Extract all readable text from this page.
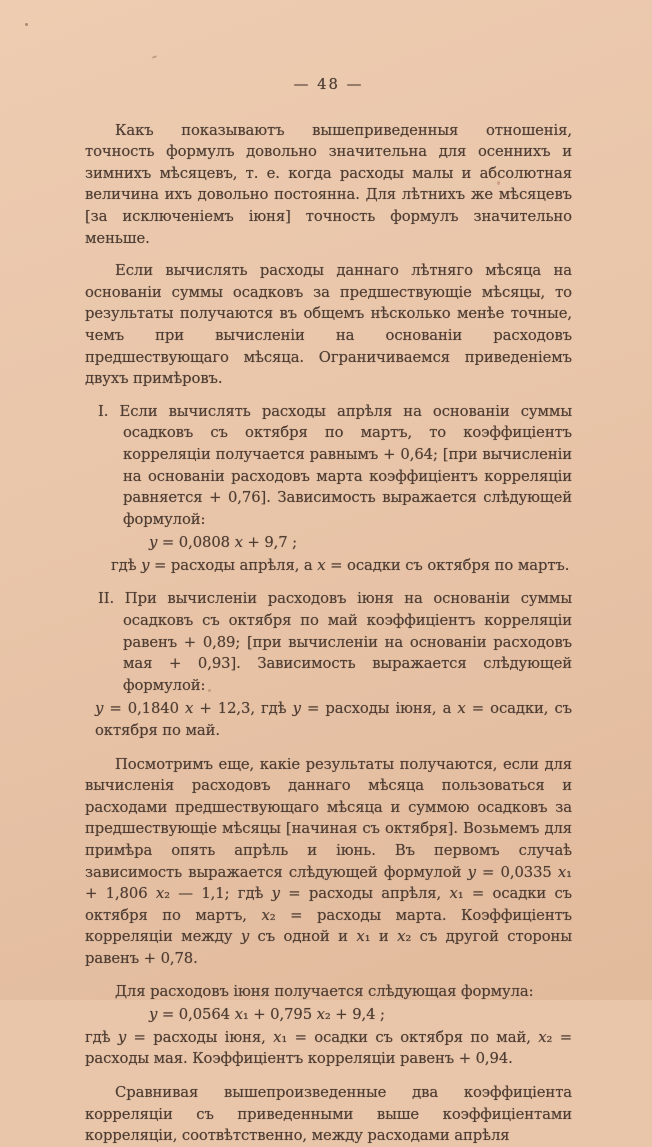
— 48 —

Какъ показываютъ вышеприведенныя отношенія, точность формулъ довольно значительна для осеннихъ и зимнихъ мѣсяцевъ, т. е. когда расходы малы и абсолютная величина ихъ довольно постоянна. Для лѣтнихъ же мѣсяцевъ [за исключеніемъ іюня] точность формулъ значительно меньше.

Если вычислять расходы даннаго лѣтняго мѣсяца на основаніи суммы осадковъ за предшествующіе мѣсяцы, то результаты получаются въ общемъ нѣсколько менѣе точные, чемъ при вычисленіи на основаніи расходовъ предшествующаго мѣсяца. Ограничиваемся приведеніемъ двухъ примѣровъ.

I. Если вычислять расходы апрѣля на основаніи суммы осадковъ съ октября по мартъ, то коэффиціентъ корреляціи получается равнымъ + 0,64; [при вычисленіи на основаніи расходовъ марта коэффиціентъ корреляціи равняется + 0,76]. Зависимость выражается слѣдующей формулой:
y = 0,0808 x + 9,7 ;
гдѣ y = расходы апрѣля, а x = осадки съ октября по мартъ.
II. При вычисленіи расходовъ іюня на основаніи суммы осадковъ съ октября по май коэффиціентъ корреляціи равенъ + 0,89; [при вычисленіи на основаніи расходовъ мая + 0,93]. Зависимость выражается слѣдующей формулой:
y = 0,1840 x + 12,3, гдѣ y = расходы іюня, а x = осадки, съ октября по май.

Посмотримъ еще, какіе результаты получаются, если для вычисленія расходовъ даннаго мѣсяца пользоваться и расходами предшествующаго мѣсяца и суммою осадковъ за предшествующіе мѣсяцы [начиная съ октября]. Возьмемъ для примѣра опять апрѣль и іюнь. Въ первомъ случаѣ зависимость выражается слѣдующей формулой y = 0,0335 x₁ + 1,806 x₂ — 1,1; гдѣ y = расходы апрѣля, x₁ = осадки съ октября по мартъ, x₂ = расходы марта. Коэффиціентъ корреляціи между y съ одной и x₁ и x₂ съ другой стороны равенъ + 0,78.

Для расходовъ іюня получается слѣдующая формула:

y = 0,0564 x₁ + 0,795 x₂ + 9,4 ;
гдѣ y = расходы іюня, x₁ = осадки съ октября по май, x₂ = расходы мая. Коэффиціентъ корреляціи равенъ + 0,94.

Сравнивая вышепроизведенные два коэффиціента корреляціи съ приведенными выше коэффиціентами корреляціи, соотвѣтственно, между расходами апрѣля
